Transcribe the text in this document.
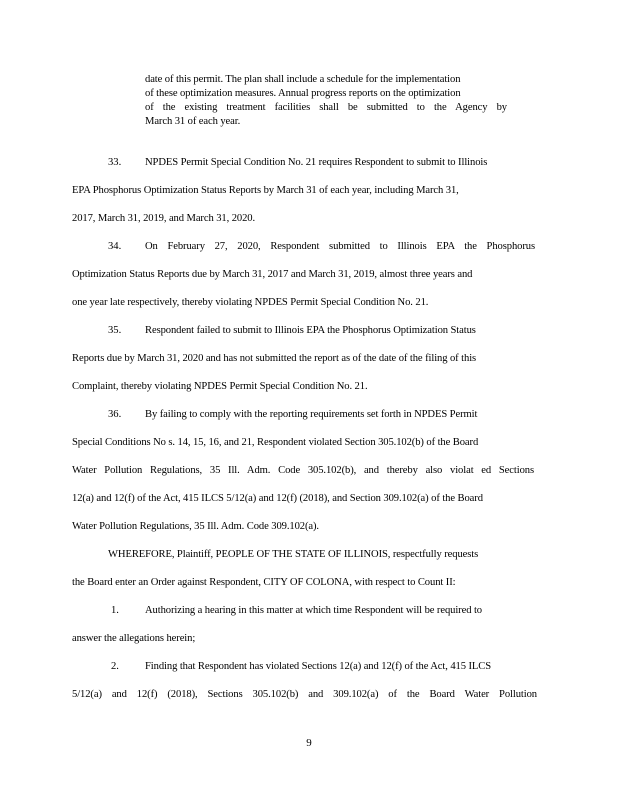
date of this permit. The plan shall include a schedule for the implementation
of these optimization measures. Annual progress reports on the optimization
of the existing treatment facilities shall be submitted to the Agency by
March 31 of each year.
33. NPDES Permit Special Condition No. 21 requires Respondent to submit to Illinois
EPA Phosphorus Optimization Status Reports by March 31 of each year, including March 31,
2017, March 31, 2019, and March 31, 2020.
34. On February 27, 2020, Respondent submitted to Illinois EPA the Phosphorus
Optimization Status Reports due by March 31, 2017 and March 31, 2019, almost three years and
one year late respectively, thereby violating NPDES Permit Special Condition No. 21.
35. Respondent failed to submit to Illinois EPA the Phosphorus Optimization Status
Reports due by March 31, 2020 and has not submitted the report as of the date of the filing of this
Complaint, thereby violating NPDES Permit Special Condition No. 21.
36. By failing to comply with the reporting requirements set forth in NPDES Permit
Special Conditions No s. 14, 15, 16, and 21, Respondent violated Section 305.102(b) of the Board
Water Pollution Regulations, 35 Ill. Adm. Code 305.102(b), and thereby also violat ed Sections
12(a) and 12(f) of the Act, 415 ILCS 5/12(a) and 12(f) (2018), and Section 309.102(a) of the Board
Water Pollution Regulations, 35 Ill. Adm. Code 309.102(a).
WHEREFORE, Plaintiff, PEOPLE OF THE STATE OF ILLINOIS, respectfully requests
the Board enter an Order against Respondent, CITY OF COLONA, with respect to Count II:
1. Authorizing a hearing in this matter at which time Respondent will be required to
answer the allegations herein;
2. Finding that Respondent has violated Sections 12(a) and 12(f) of the Act, 415 ILCS
5/12(a) and 12(f) (2018), Sections 305.102(b) and 309.102(a) of the Board Water Pollution
9
